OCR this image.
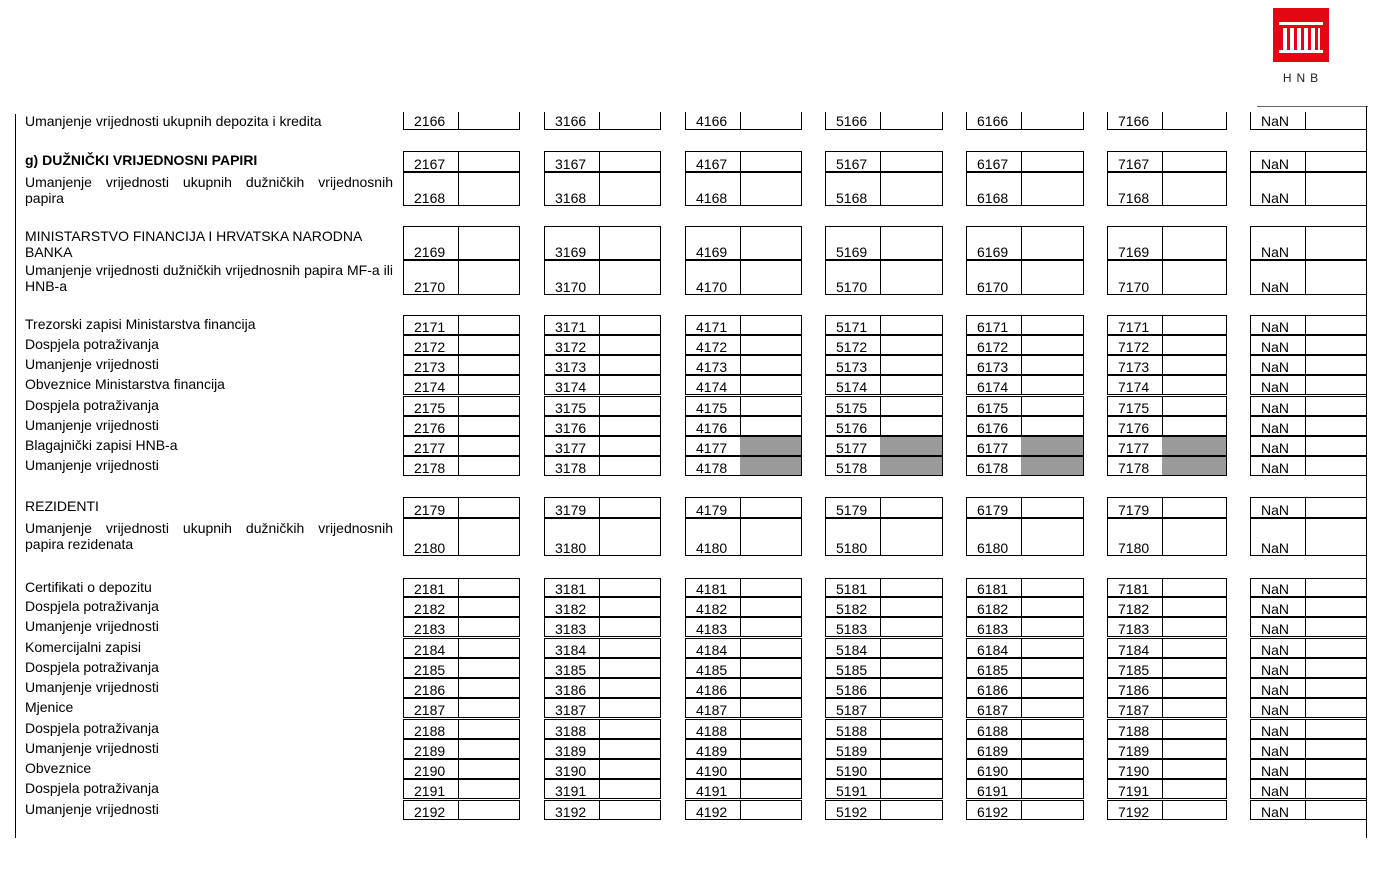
HNB
Umanjenje vrijednosti ukupnih depozita i kredita	2166	3166	4166	5166	6166	7166	NaN
g) DUŽNIČKI VRIJEDNOSNI PAPIRI	2167	3167	4167	5167	6167	7167	NaN
Umanjenje vrijednosti ukupnih dužničkih vrijednosnih papira	2168	3168	4168	5168	6168	7168	NaN
MINISTARSTVO FINANCIJA I HRVATSKA NARODNA BANKA	2169	3169	4169	5169	6169	7169	NaN
Umanjenje vrijednosti dužničkih vrijednosnih papira MF-a ili HNB-a	2170	3170	4170	5170	6170	7170	NaN
Trezorski zapisi Ministarstva financija	2171	3171	4171	5171	6171	7171	NaN
Dospjela potraživanja	2172	3172	4172	5172	6172	7172	NaN
Umanjenje vrijednosti	2173	3173	4173	5173	6173	7173	NaN
Obveznice Ministarstva financija	2174	3174	4174	5174	6174	7174	NaN
Dospjela potraživanja	2175	3175	4175	5175	6175	7175	NaN
Umanjenje vrijednosti	2176	3176	4176	5176	6176	7176	NaN
Blagajnički zapisi HNB-a	2177	3177	4177	5177	6177	7177	NaN
Umanjenje vrijednosti	2178	3178	4178	5178	6178	7178	NaN
REZIDENTI	2179	3179	4179	5179	6179	7179	NaN
Umanjenje vrijednosti ukupnih dužničkih vrijednosnih papira rezidenata	2180	3180	4180	5180	6180	7180	NaN
Certifikati o depozitu	2181	3181	4181	5181	6181	7181	NaN
Dospjela potraživanja	2182	3182	4182	5182	6182	7182	NaN
Umanjenje vrijednosti	2183	3183	4183	5183	6183	7183	NaN
Komercijalni zapisi	2184	3184	4184	5184	6184	7184	NaN
Dospjela potraživanja	2185	3185	4185	5185	6185	7185	NaN
Umanjenje vrijednosti	2186	3186	4186	5186	6186	7186	NaN
Mjenice	2187	3187	4187	5187	6187	7187	NaN
Dospjela potraživanja	2188	3188	4188	5188	6188	7188	NaN
Umanjenje vrijednosti	2189	3189	4189	5189	6189	7189	NaN
Obveznice	2190	3190	4190	5190	6190	7190	NaN
Dospjela potraživanja	2191	3191	4191	5191	6191	7191	NaN
Umanjenje vrijednosti	2192	3192	4192	5192	6192	7192	NaN
